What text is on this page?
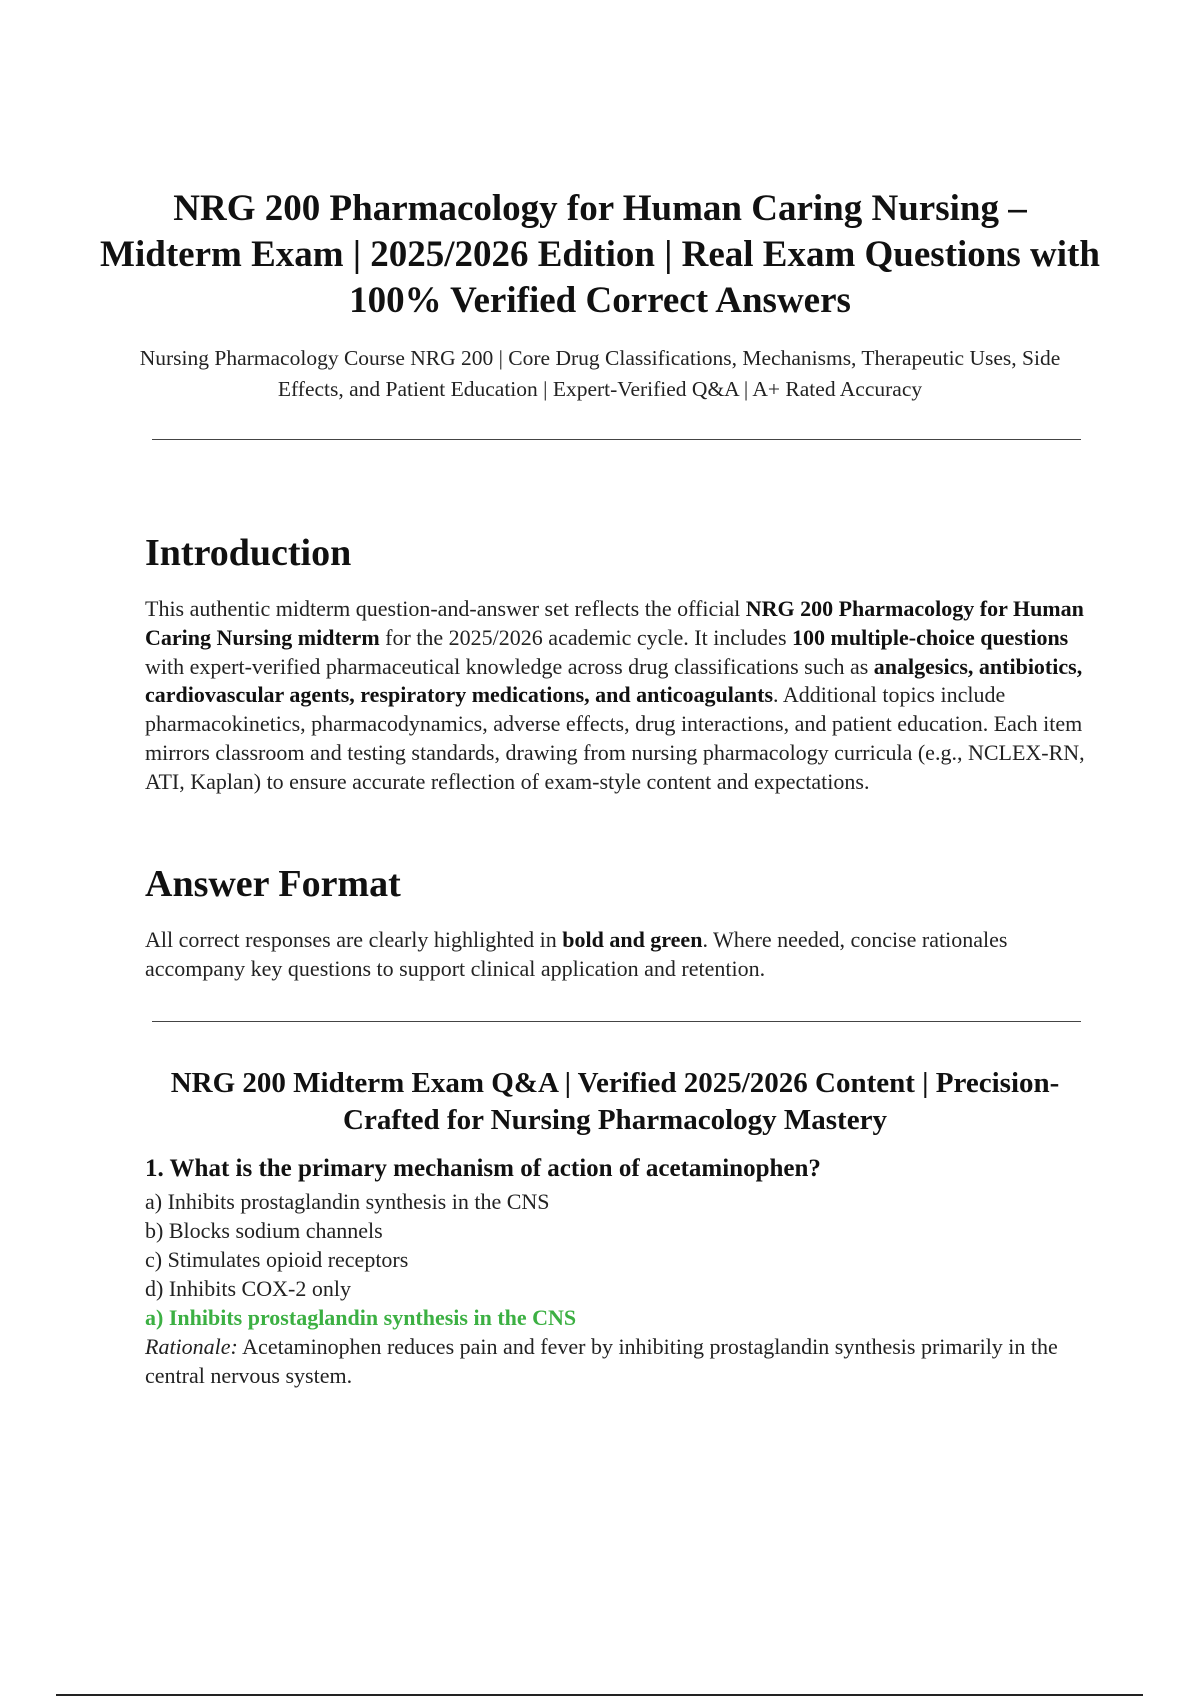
NRG 200 Pharmacology for Human Caring Nursing – Midterm Exam | 2025/2026 Edition | Real Exam Questions with 100% Verified Correct Answers
Nursing Pharmacology Course NRG 200 | Core Drug Classifications, Mechanisms, Therapeutic Uses, Side Effects, and Patient Education | Expert-Verified Q&A | A+ Rated Accuracy
Introduction
This authentic midterm question-and-answer set reflects the official NRG 200 Pharmacology for Human Caring Nursing midterm for the 2025/2026 academic cycle. It includes 100 multiple-choice questions with expert-verified pharmaceutical knowledge across drug classifications such as analgesics, antibiotics, cardiovascular agents, respiratory medications, and anticoagulants. Additional topics include pharmacokinetics, pharmacodynamics, adverse effects, drug interactions, and patient education. Each item mirrors classroom and testing standards, drawing from nursing pharmacology curricula (e.g., NCLEX-RN, ATI, Kaplan) to ensure accurate reflection of exam-style content and expectations.
Answer Format
All correct responses are clearly highlighted in bold and green. Where needed, concise rationales accompany key questions to support clinical application and retention.
NRG 200 Midterm Exam Q&A | Verified 2025/2026 Content | Precision-Crafted for Nursing Pharmacology Mastery
1. What is the primary mechanism of action of acetaminophen?
a) Inhibits prostaglandin synthesis in the CNS
b) Blocks sodium channels
c) Stimulates opioid receptors
d) Inhibits COX-2 only
a) Inhibits prostaglandin synthesis in the CNS
Rationale: Acetaminophen reduces pain and fever by inhibiting prostaglandin synthesis primarily in the central nervous system.
